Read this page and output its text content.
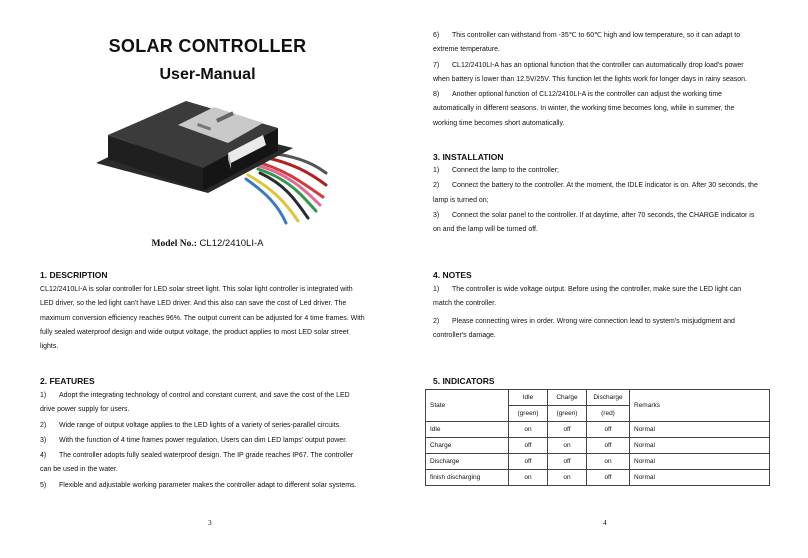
SOLAR CONTROLLER
User-Manual
Model No.: CL12/2410LI-A
1. DESCRIPTION
CL12/2410LI-A is solar controller for LED solar street light. This solar light controller is integrated with
LED driver, so the led light can't have LED driver. And this also can save the cost of Led driver. The
maximum conversion efficiency reaches 96%. The output current can be adjusted for 4 time frames. With
fully sealed waterproof design and wide output voltage, the product applies to most LED solar street
lights.
2. FEATURES
1) Adopt the integrating technology of control and constant current, and save the cost of the LED
drive power supply for users.
2) Wide range of output voltage applies to the LED lights of a variety of series-parallel circuits.
3) With the function of 4 time frames power regulation, Users can dim LED lamps' output power.
4) The controller adopts fully sealed waterproof design. The IP grade reaches IP67. The controller
can be used in the water.
5) Flexible and adjustable working parameter makes the controller adapt to different solar systems.
3
6) This controller can withstand from -35℃ to 60℃ high and low temperature, so it can adapt to
extreme temperature.
7) CL12/2410LI-A has an optional function that the controller can automatically drop load's power
when battery is lower than 12.5V/25V. This function let the lights work for longer days in rainy season.
8) Another optional function of CL12/2410LI-A is the controller can adjust the working time
automatically in different seasons. In winter, the working time becomes long, while in summer, the
working time becomes short automatically.
3. INSTALLATION
1) Connect the lamp to the controller;
2) Connect the battery to the controller. At the moment, the IDLE indicator is on. After 30 seconds, the
lamp is turned on;
3) Connect the solar panel to the controller. If at daytime, after 70 seconds, the CHARGE indicator is
on and the lamp will be turned off.
4. NOTES
1) The controller is wide voltage output. Before using the controller, make sure the LED light can
match the controller.
2) Please connecting wires in order. Wrong wire connection lead to system's misjudgment and
controller's damage.
5. INDICATORS
State	Idle	Charge	Discharge	Remarks
	(green)	(green)	(red)	
Idle	on	off	off	Normal
Charge	off	on	off	Normal
Discharge	off	off	on	Normal
finish discharging	on	on	off	Normal
4
